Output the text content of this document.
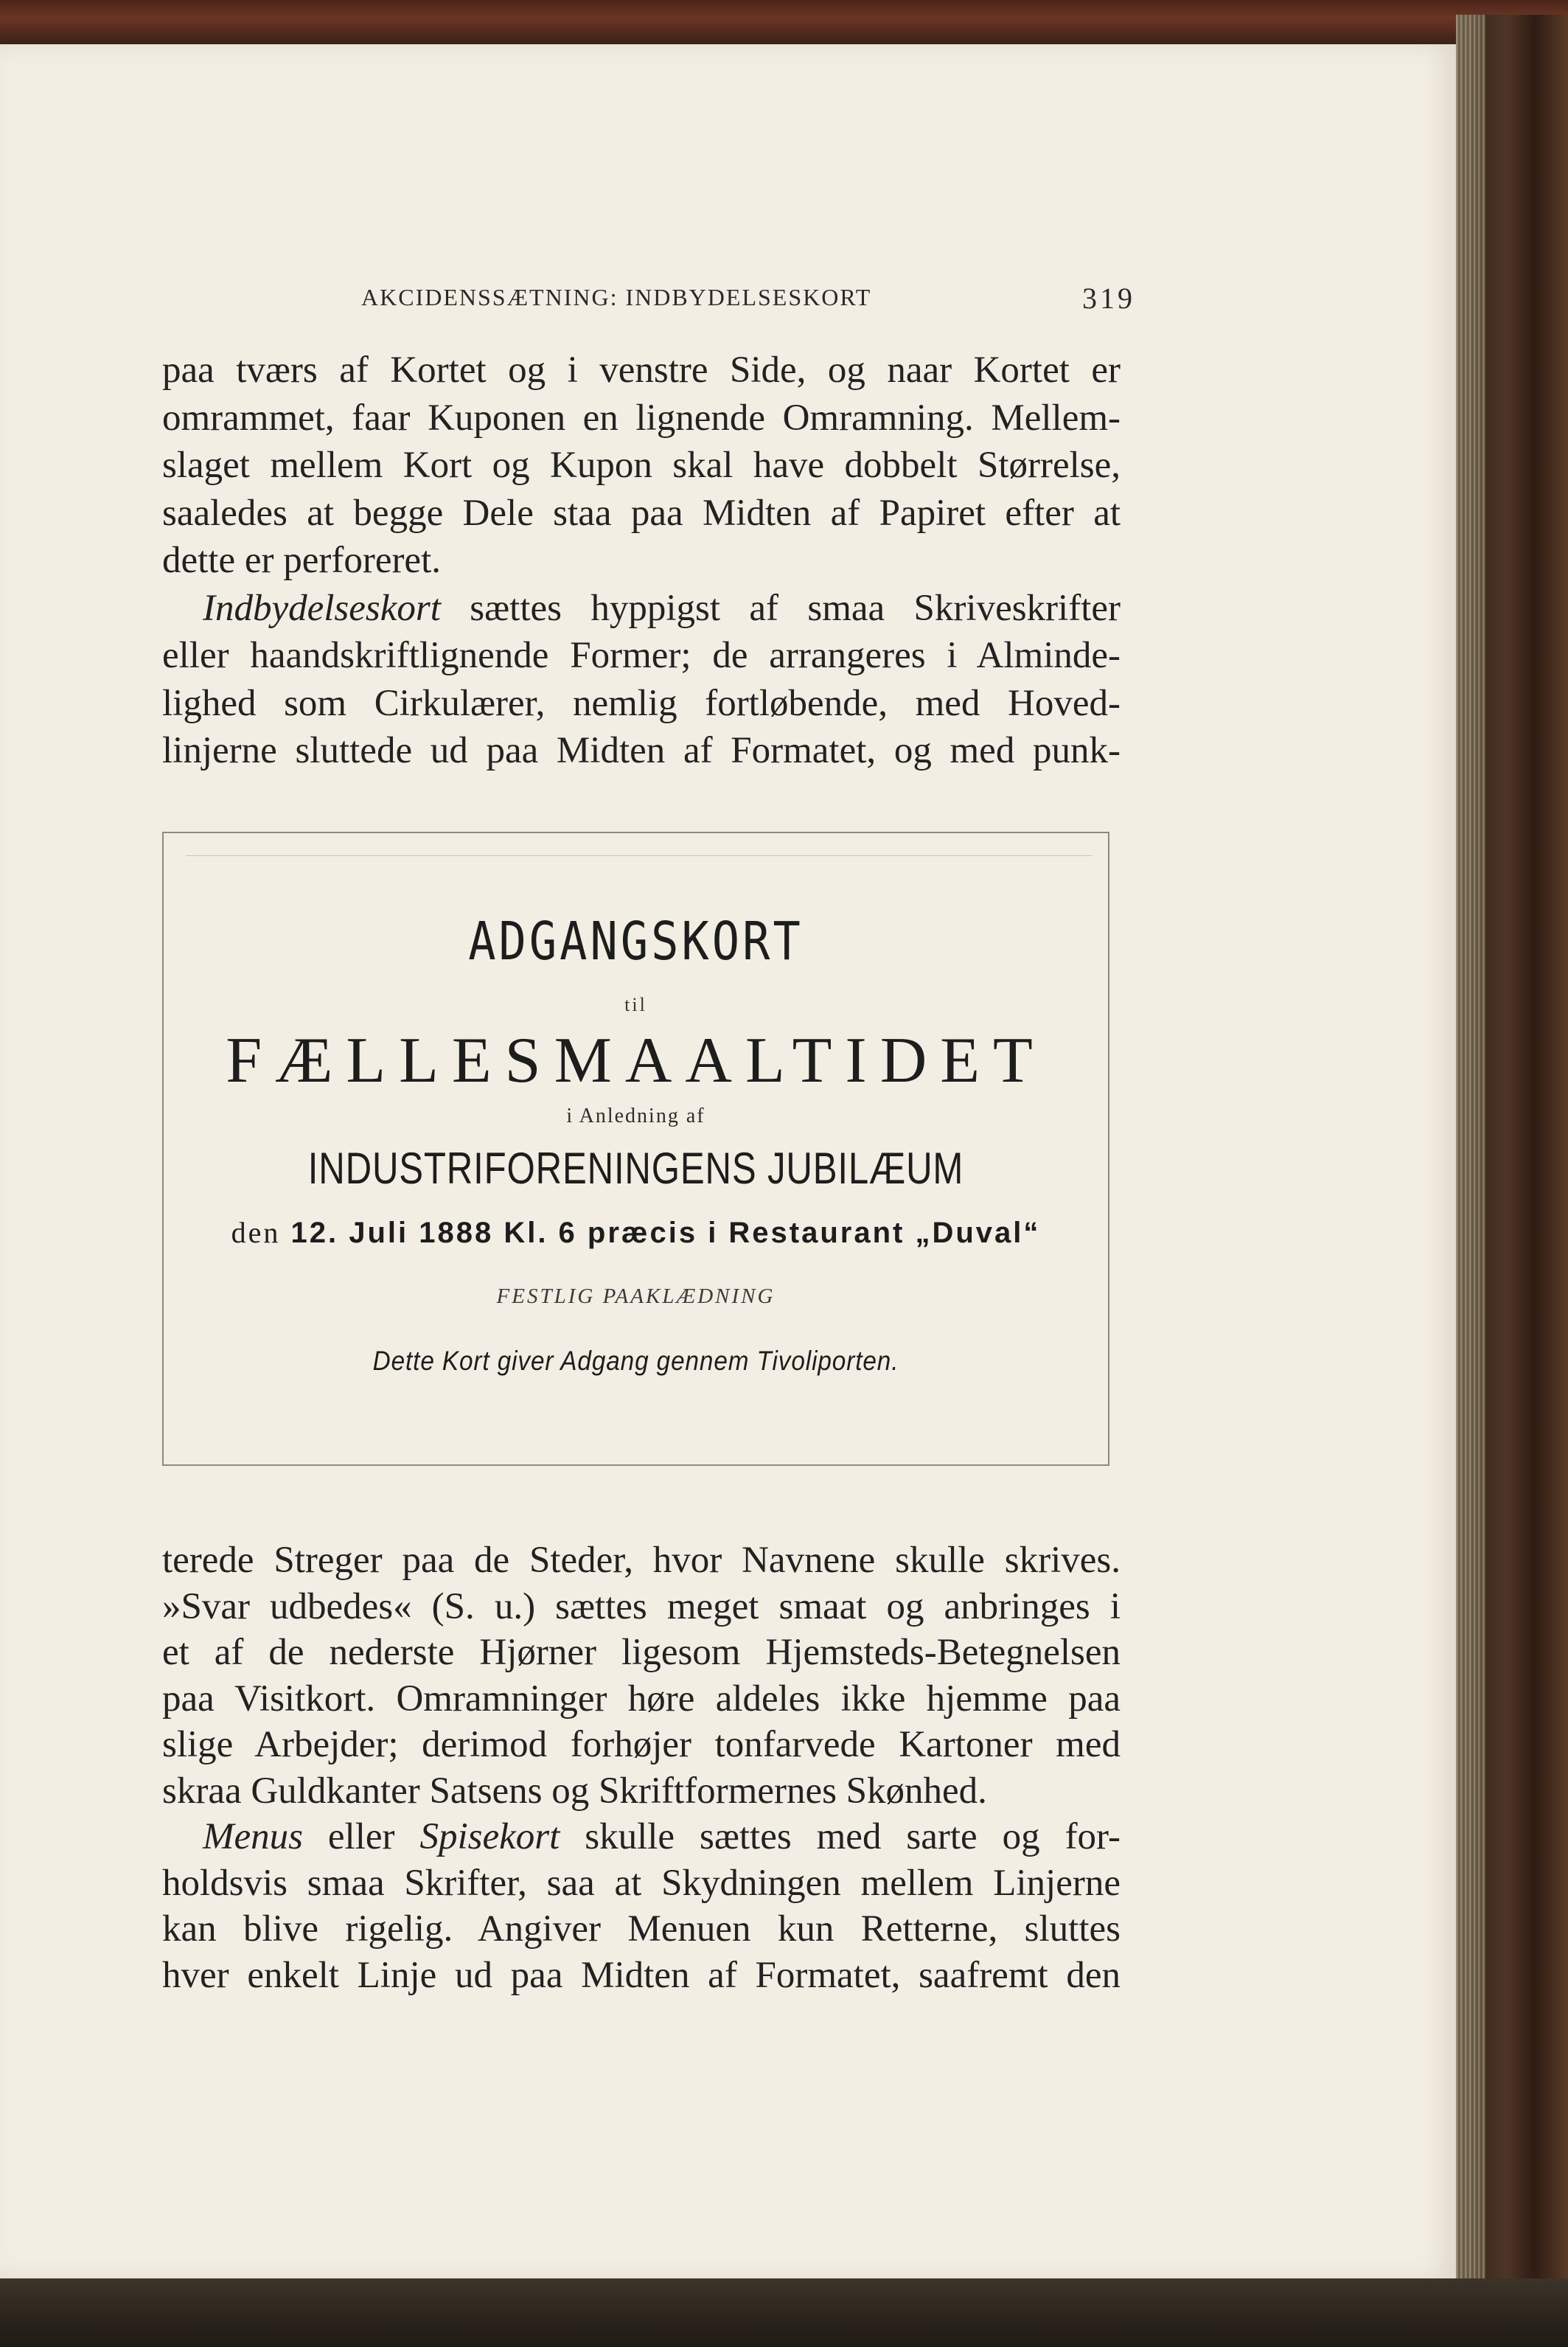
AKCIDENSSÆTNING: INDBYDELSESKORT	319
paa tværs af Kortet og i venstre Side, og naar Kortet er
omrammet, faar Kuponen en lignende Omramning. Mellem-
slaget mellem Kort og Kupon skal have dobbelt Størrelse,
saaledes at begge Dele staa paa Midten af Papiret efter at
dette er perforeret.
Indbydelseskort sættes hyppigst af smaa Skriveskrifter
eller haandskriftlignende Former; de arrangeres i Alminde-
lighed som Cirkulærer, nemlig fortløbende, med Hoved-
linjerne sluttede ud paa Midten af Formatet, og med punk-
ADGANGSKORT
til
FÆLLESMAALTIDET
i Anledning af
INDUSTRIFORENINGENS JUBILÆUM
den 12. Juli 1888 Kl. 6 præcis i Restaurant „Duval“
FESTLIG PAAKLÆDNING
Dette Kort giver Adgang gennem Tivoliporten.
terede Streger paa de Steder, hvor Navnene skulle skrives.
»Svar udbedes« (S. u.) sættes meget smaat og anbringes i
et af de nederste Hjørner ligesom Hjemsteds-Betegnelsen
paa Visitkort. Omramninger høre aldeles ikke hjemme paa
slige Arbejder; derimod forhøjer tonfarvede Kartoner med
skraa Guldkanter Satsens og Skriftformernes Skønhed.
Menus eller Spisekort skulle sættes med sarte og for-
holdsvis smaa Skrifter, saa at Skydningen mellem Linjerne
kan blive rigelig. Angiver Menuen kun Retterne, sluttes
hver enkelt Linje ud paa Midten af Formatet, saafremt den
